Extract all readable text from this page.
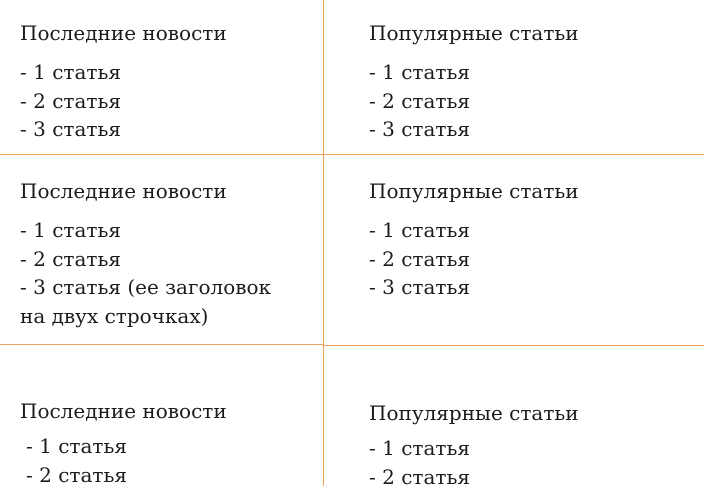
Последние новости
- 1 статья
- 2 статья
- 3 статья
Популярные статьи
- 1 статья
- 2 статья
- 3 статья
Последние новости
- 1 статья
- 2 статья
- 3 статья (ее заголовок на двух строчках)
Популярные статьи
- 1 статья
- 2 статья
- 3 статья
Последние новости
- 1 статья
- 2 статья
Популярные статьи
- 1 статья
- 2 статья
